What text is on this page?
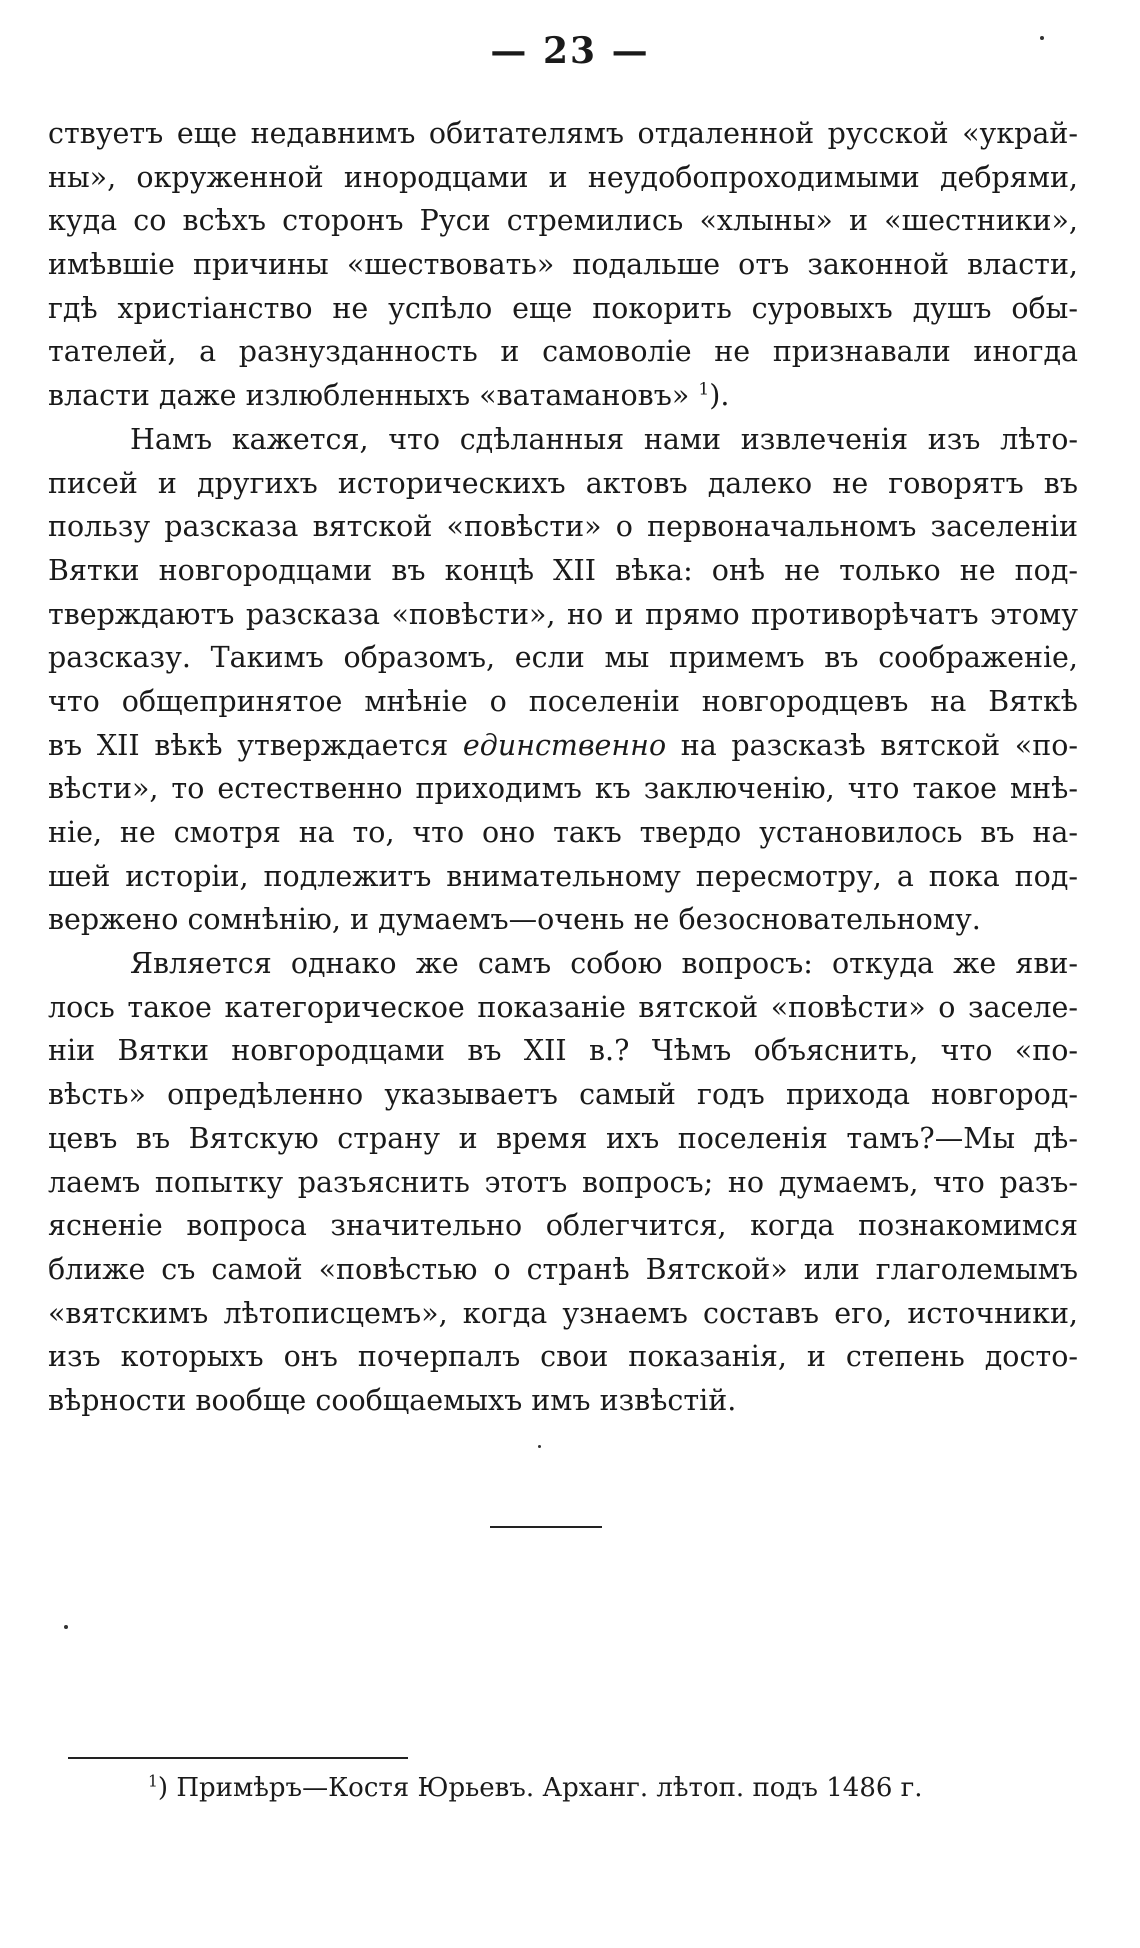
— 23 —
ствуетъ еще недавнимъ обитателямъ отдаленной русской «украй-
ны», окруженной инородцами и неудобопроходимыми дебрями,
куда со всѣхъ сторонъ Руси стремились «хлыны» и «шестники»,
имѣвшіе причины «шествовать» подальше отъ законной власти,
гдѣ христіанство не успѣло еще покорить суровыхъ душъ обы-
тателей, а разнузданность и самоволіе не признавали иногда
власти даже излюбленныхъ «ватамановъ» $^1$).
Намъ кажется, что сдѣланныя нами извлеченія изъ лѣто-
писей и другихъ историческихъ актовъ далеко не говорятъ въ
пользу разсказа вятской «повѣсти» о первоначальномъ заселеніи
Вятки новгородцами въ концѣ XII вѣка: онѣ не только не под-
тверждаютъ разсказа «повѣсти», но и прямо противорѣчатъ этому
разсказу. Такимъ образомъ, если мы примемъ въ соображеніе,
что общепринятое мнѣніе о поселеніи новгородцевъ на Вяткѣ
въ XII вѣкѣ утверждается единственно на разсказѣ вятской «по-
вѣсти», то естественно приходимъ къ заключенію, что такое мнѣ-
ніе, не смотря на то, что оно такъ твердо установилось въ на-
шей исторіи, подлежитъ внимательному пересмотру, а пока под-
вержено сомнѣнію, и думаемъ—очень не безосновательному.
Является однако же самъ собою вопросъ: откуда же яви-
лось такое категорическое показаніе вятской «повѣсти» о заселе-
ніи Вятки новгородцами въ XII в.? Чѣмъ объяснить, что «по-
вѣсть» опредѣленно указываетъ самый годъ прихода новгород-
цевъ въ Вятскую страну и время ихъ поселенія тамъ?—Мы дѣ-
лаемъ попытку разъяснить этотъ вопросъ; но думаемъ, что разъ-
ясненіе вопроса значительно облегчится, когда познакомимся
ближе съ самой «повѣстью о странѣ Вятской» или глаголемымъ
«вятскимъ лѣтописцемъ», когда узнаемъ составъ его, источники,
изъ которыхъ онъ почерпалъ свои показанія, и степень досто-
вѣрности вообще сообщаемыхъ имъ извѣстій.
$^1$) Примѣръ—Костя Юрьевъ. Арханг. лѣтоп. подъ 1486 г.
